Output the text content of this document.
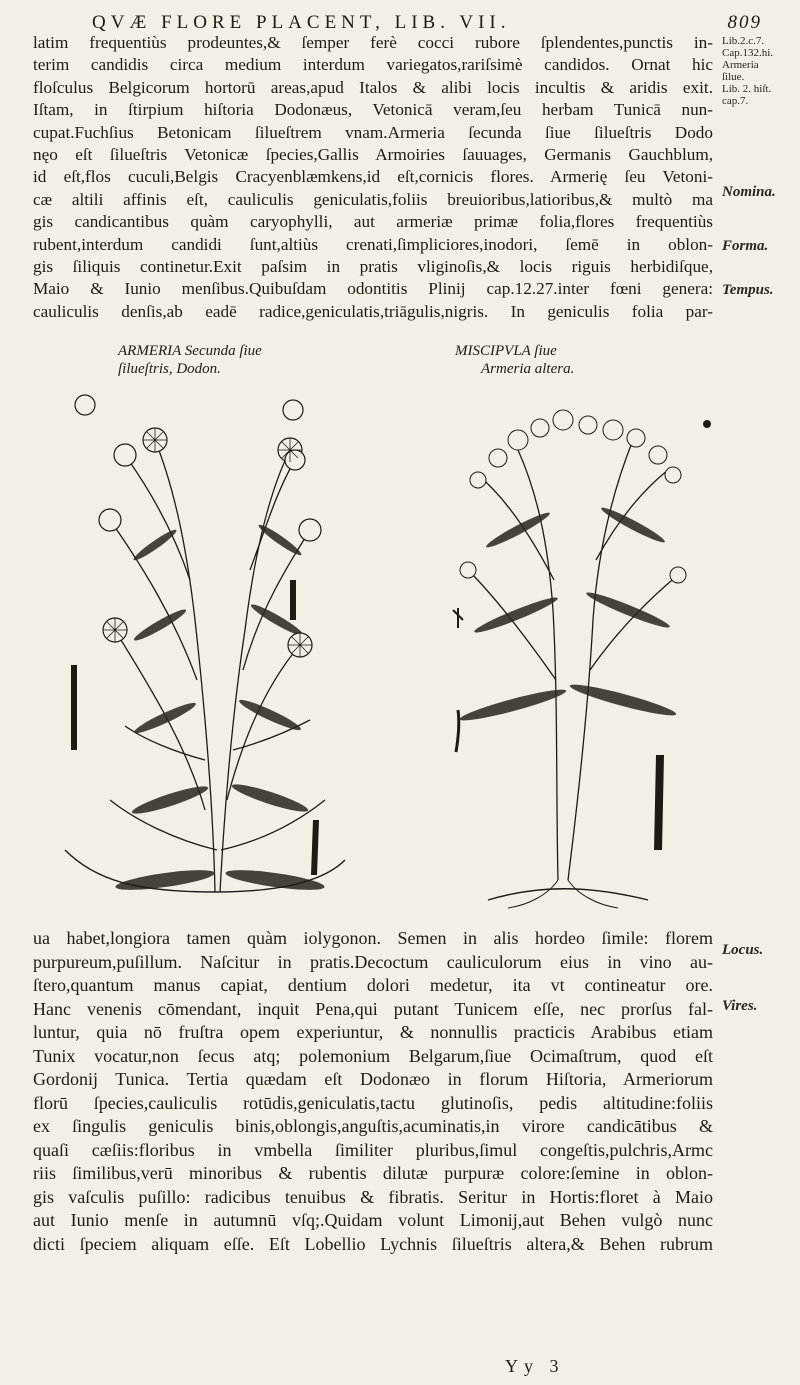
QVÆ FLORE PLACENT, LIB. VII.	809
latim frequentiùs prodeuntes,& ſemper ferè cocci rubore ſplendentes,punctis in-
terim candidis circa medium interdum variegatos,rariſsimè candidos. Ornat hic
floſculus Belgicorum hortorū areas,apud Italos & alibi locis incultis & aridis exit.
Iſtam, in ſtirpium hiſtoria Dodonæus, Vetonicā veram,ſeu herbam Tunicā nun-
cupat.Fuchſius Betonicam ſilueſtrem vnam.Armeria ſecunda ſiue ſilueſtris Dodo
nęo eſt ſilueſtris Vetonicæ ſpecies,Gallis Armoiries ſauuages, Germanis Gauchblum,
id eſt,flos cuculi,Belgis Cracyenblæmkens,id eſt,cornicis flores. Armerię ſeu Vetoni-
cæ altili affinis eſt, cauliculis geniculatis,foliis breuioribus,latioribus,& multò ma
gis candicantibus quàm caryophylli, aut armeriæ primæ folia,flores frequentiùs
rubent,interdum candidi ſunt,altiùs crenati,ſimpliciores,inodori, ſemē in oblon-
gis ſiliquis continetur.Exit paſsim in pratis vliginoſis,& locis riguis herbidiſque,
Maio & Iunio menſibus.Quibuſdam odontitis Plinij cap.12.27.inter fœni genera:
cauliculis denſis,ab eadē radice,geniculatis,triāgulis,nigris. In geniculis folia par-
Lib.2.c.7.
Cap.132.hi.
Armeria
ſilue.
Lib. 2. hiſt.
cap.7.
Nomina.
Forma.
Tempus.
Locus.
Vires.
ARMERIA Secunda ſiue
ſilueſtris, Dodon.
MISCIPVLA ſiue
Armeria altera.
ua habet,longiora tamen quàm iolygonon. Semen in alis hordeo ſimile: florem
purpureum,puſillum. Naſcitur in pratis.Decoctum cauliculorum eius in vino au-
ſtero,quantum manus capiat, dentium dolori medetur, ita vt contineatur ore.
Hanc venenis cōmendant, inquit Pena,qui putant Tunicem eſſe, nec prorſus fal-
luntur, quia nō fruſtra opem experiuntur, & nonnullis practicis Arabibus etiam
Tunix vocatur,non ſecus atq; polemonium Belgarum,ſiue Ocimaſtrum, quod eſt
Gordonij Tunica. Tertia quædam eſt Dodonæo in florum Hiſtoria, Armeriorum
florū ſpecies,cauliculis rotūdis,geniculatis,tactu glutinoſis, pedis altitudine:foliis
ex ſingulis geniculis binis,oblongis,anguſtis,acuminatis,in virore candicātibus &
quaſi cæſiis:floribus in vmbella ſimiliter pluribus,ſimul congeſtis,pulchris,Armc
riis ſimilibus,verū minoribus & rubentis dilutæ purpuræ colore:ſemine in oblon-
gis vaſculis puſillo: radicibus tenuibus & fibratis. Seritur in Hortis:floret à Maio
aut Iunio menſe in autumnū vſq;.Quidam volunt Limonij,aut Behen vulgò nunc
dicti ſpeciem aliquam eſſe. Eſt Lobellio Lychnis ſilueſtris altera,& Behen rubrum
Yy 3
